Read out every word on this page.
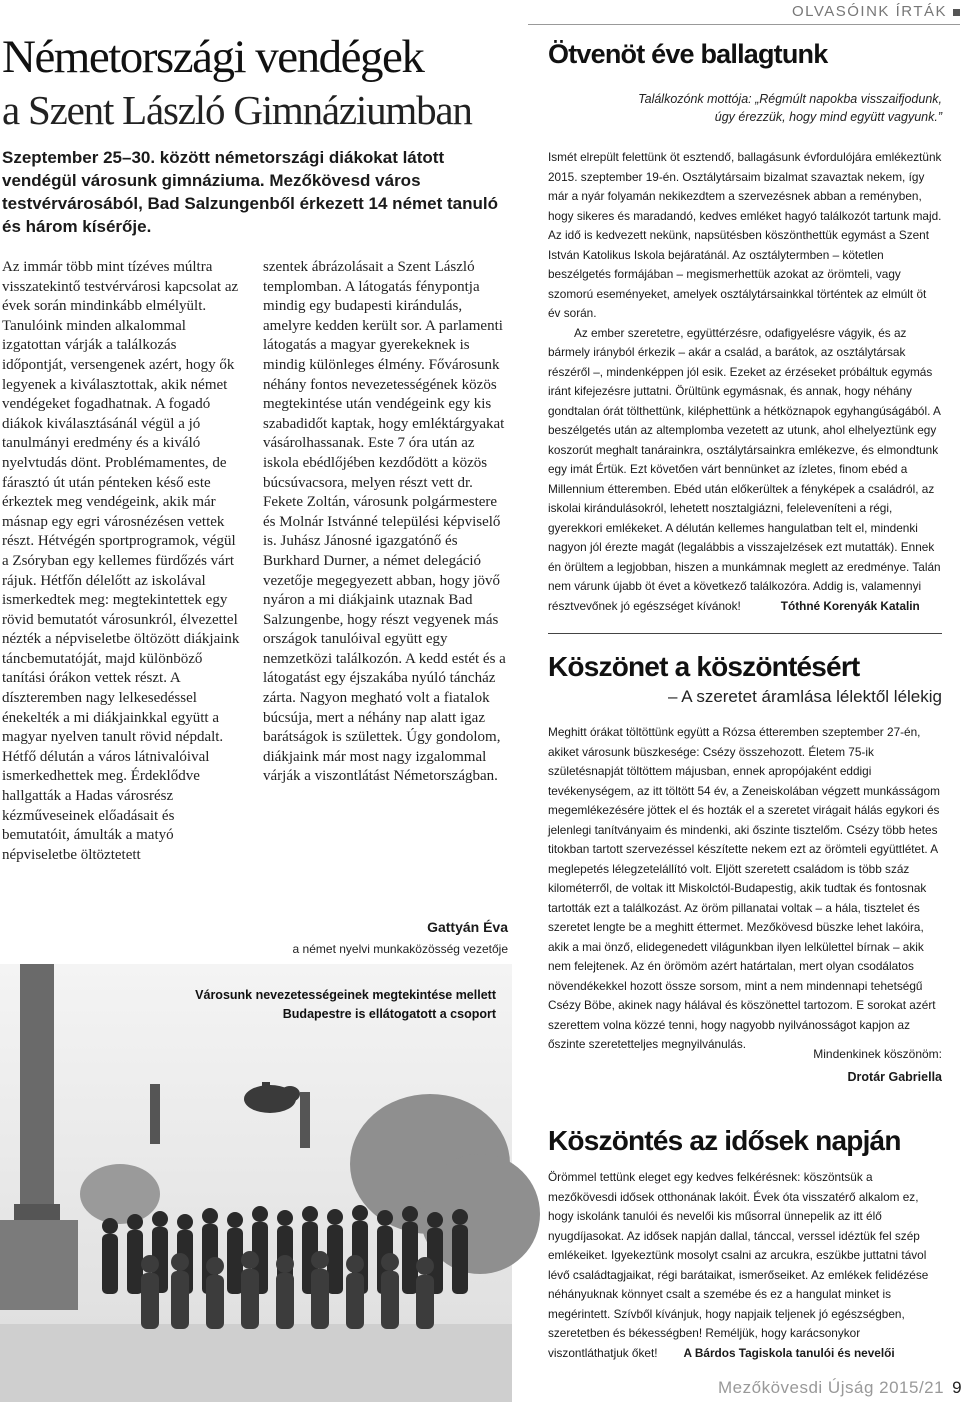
Németországi vendégek
a Szent László Gimnáziumban

Szeptember 25–30. között németországi diákokat látott vendégül városunk gimnáziuma. Mezőkövesd város testvérvárosából, Bad Salzungenből érkezett 14 német tanuló és három kísérője.

Az immár több mint tízéves múltra visszatekintő testvérvárosi kapcsolat az évek során mindinkább elmélyült. Tanulóink minden alkalommal izgatottan várják a találkozás időpontját, versengenek azért, hogy ők legyenek a kiválasztottak, akik német vendégeket fogadhatnak. A fogadó diákok kiválasztásánál végül a jó tanulmányi eredmény és a kiváló nyelvtudás dönt. Problémamentes, de fárasztó út után pénteken késő este érkeztek meg vendégeink, akik már másnap egy egri városnézésen vettek részt. Hétvégén sportprogramok, végül a Zsóryban egy kellemes fürdőzés várt rájuk. Hétfőn délelőtt az iskolával ismerkedtek meg: megtekintettek egy rövid bemutatót városunkról, élvezettel nézték a népviseletbe öltözött diákjaink táncbemutatóját, majd különböző tanítási órákon vettek részt. A díszteremben nagy lelkesedéssel énekelték a mi diákjainkkal együtt a magyar nyelven tanult rövid népdalt. Hétfő délután a város látnivalóival ismerkedhettek meg. Érdeklődve hallgatták a Hadas városrész kézműveseinek előadásait és bemutatóit, ámulták a matyó népviseletbe öltöztetett

szentek ábrázolásait a Szent László templomban. A látogatás fénypontja mindig egy budapesti kirándulás, amelyre kedden került sor. A parlamenti látogatás a magyar gyerekeknek is mindig különleges élmény. Fővárosunk néhány fontos nevezetességének közös megtekintése után vendégeink egy kis szabadidőt kaptak, hogy emléktárgyakat vásárolhassanak. Este 7 óra után az iskola ebédlőjében kezdődött a közös búcsúvacsora, melyen részt vett dr. Fekete Zoltán, városunk polgármestere és Molnár Istvánné települési képviselő is. Juhász Jánosné igazgatónő és Burkhard Durner, a német delegáció vezetője megegyezett abban, hogy jövő nyáron a mi diákjaink utaznak Bad Salzungenbe, hogy részt vegyenek más országok tanulóival együtt egy nemzetközi találkozón. A kedd estét és a látogatást egy éjszakába nyúló táncház zárta. Nagyon megható volt a fiatalok búcsúja, mert a néhány nap alatt igaz barátságok is születtek. Úgy gondolom, diákjaink már most nagy izgalommal várják a viszontlátást Németországban.

Gattyán Éva
a német nyelvi munkaközösség vezetője
Városunk nevezetességeinek megtekintése mellett
Budapestre is ellátogatott a csoport
OLVASÓINK ÍRTÁK
Ötvenöt éve ballagtunk
Találkozónk mottója: „Régmúlt napokba visszaifjodunk,
úgy érezzük, hogy mind együtt vagyunk.”

Ismét elrepült felettünk öt esztendő, ballagásunk évfordulójára emlékeztünk 2015. szeptember 19-én. Osztálytársaim bizalmat szavaztak nekem, így már a nyár folyamán nekikezdtem a szervezésnek abban a reményben, hogy sikeres és maradandó, kedves emléket hagyó találkozót tartunk majd. Az idő is kedvezett nekünk, napsütésben köszönthettük egymást a Szent István Katolikus Iskola bejáratánál. Az osztálytermben – kötetlen beszélgetés formájában – megismerhettük azokat az örömteli, vagy szomorú eseményeket, amelyek osztálytársainkkal történtek az elmúlt öt év során.

Az ember szeretetre, együttérzésre, odafigyelésre vágyik, és az bármely irányból érkezik – akár a család, a barátok, az osztálytársak részéről –, mindenképpen jól esik. Ezeket az érzéseket próbáltuk egymás iránt kifejezésre juttatni. Örültünk egymásnak, és annak, hogy néhány gondtalan órát tölthettünk, kiléphettünk a hétköznapok egyhangúságából. A beszélgetés után az altemplomba vezetett az utunk, ahol elhelyeztünk egy koszorút meghalt tanárainkra, osztálytársainkra emlékezve, és elmondtunk egy imát Értük. Ezt követően várt bennünket az ízletes, finom ebéd a Millennium étteremben. Ebéd után előkerültek a fényképek a családról, az iskolai kirándulásokról, lehetett nosztalgiázni, feleleveníteni a régi, gyerekkori emlékeket. A délután kellemes hangulatban telt el, mindenki nagyon jól érezte magát (legalábbis a visszajelzések ezt mutatták). Ennek én örültem a legjobban, hiszen a munkámnak meglett az eredménye. Talán nem várunk újabb öt évet a következő találkozóra. Addig is, valamennyi résztvevőnek jó egészséget kívánok!	Tóthné Korenyák Katalin

Köszönet a köszöntésért
– A szeretet áramlása lélektől lélekig

Meghitt órákat töltöttünk együtt a Rózsa étteremben szeptember 27-én, akiket városunk büszkesége: Csézy összehozott. Életem 75-ik születésnapját töltöttem májusban, ennek apropójaként eddigi tevékenységem, az itt töltött 54 év, a Zeneiskolában végzett munkásságom megemlékezésére jöttek el és hozták el a szeretet virágait hálás egykori és jelenlegi tanítványaim és mindenki, aki őszinte tisztelőm. Csézy több hetes titokban tartott szervezéssel készítette nekem ezt az örömteli együttlétet. A meglepetés lélegzetelállító volt. Eljött szeretett családom is több száz kilométerről, de voltak itt Miskolctól-Budapestig, akik tudtak és fontosnak tartották ezt a találkozást. Az öröm pillanatai voltak – a hála, tisztelet és szeretet lengte be a meghitt éttermet. Mezőkövesd büszke lehet lakóira, akik a mai önző, elidegenedett világunkban ilyen lelkülettel bírnak – akik nem felejtenek. Az én örömöm azért határtalan, mert olyan csodálatos növendékekkel hozott össze sorsom, mint a nem mindennapi tehetségű Csézy Böbe, akinek nagy hálával és köszönettel tartozom. E sorokat azért szerettem volna közzé tenni, hogy nagyobb nyilvánosságot kapjon az őszinte szeretetteljes megnyilvánulás.

Mindenkinek köszönöm:
Drotár Gabriella
Köszöntés az idősek napján

Örömmel tettünk eleget egy kedves felkérésnek: köszöntsük a mezőkövesdi idősek otthonának lakóit. Évek óta visszatérő alkalom ez, hogy iskolánk tanulói és nevelői kis műsorral ünnepelik az itt élő nyugdíjasokat. Az idősek napján dallal, tánccal, verssel idéztük fel szép emlékeiket. Igyekeztünk mosolyt csalni az arcukra, eszükbe juttatni távol lévő családtagjaikat, régi barátaikat, ismerőseiket. Az emlékek felidézése néhányuknak könnyet csalt a szemébe és ez a hangulat minket is megérintett. Szívből kívánjuk, hogy napjaik teljenek jó egészségben, szeretetben és békességben! Reméljük, hogy karácsonykor viszontláthatjuk őket! A Bárdos Tagiskola tanulói és nevelői

Mezőkövesdi Újság 2015/21 9
